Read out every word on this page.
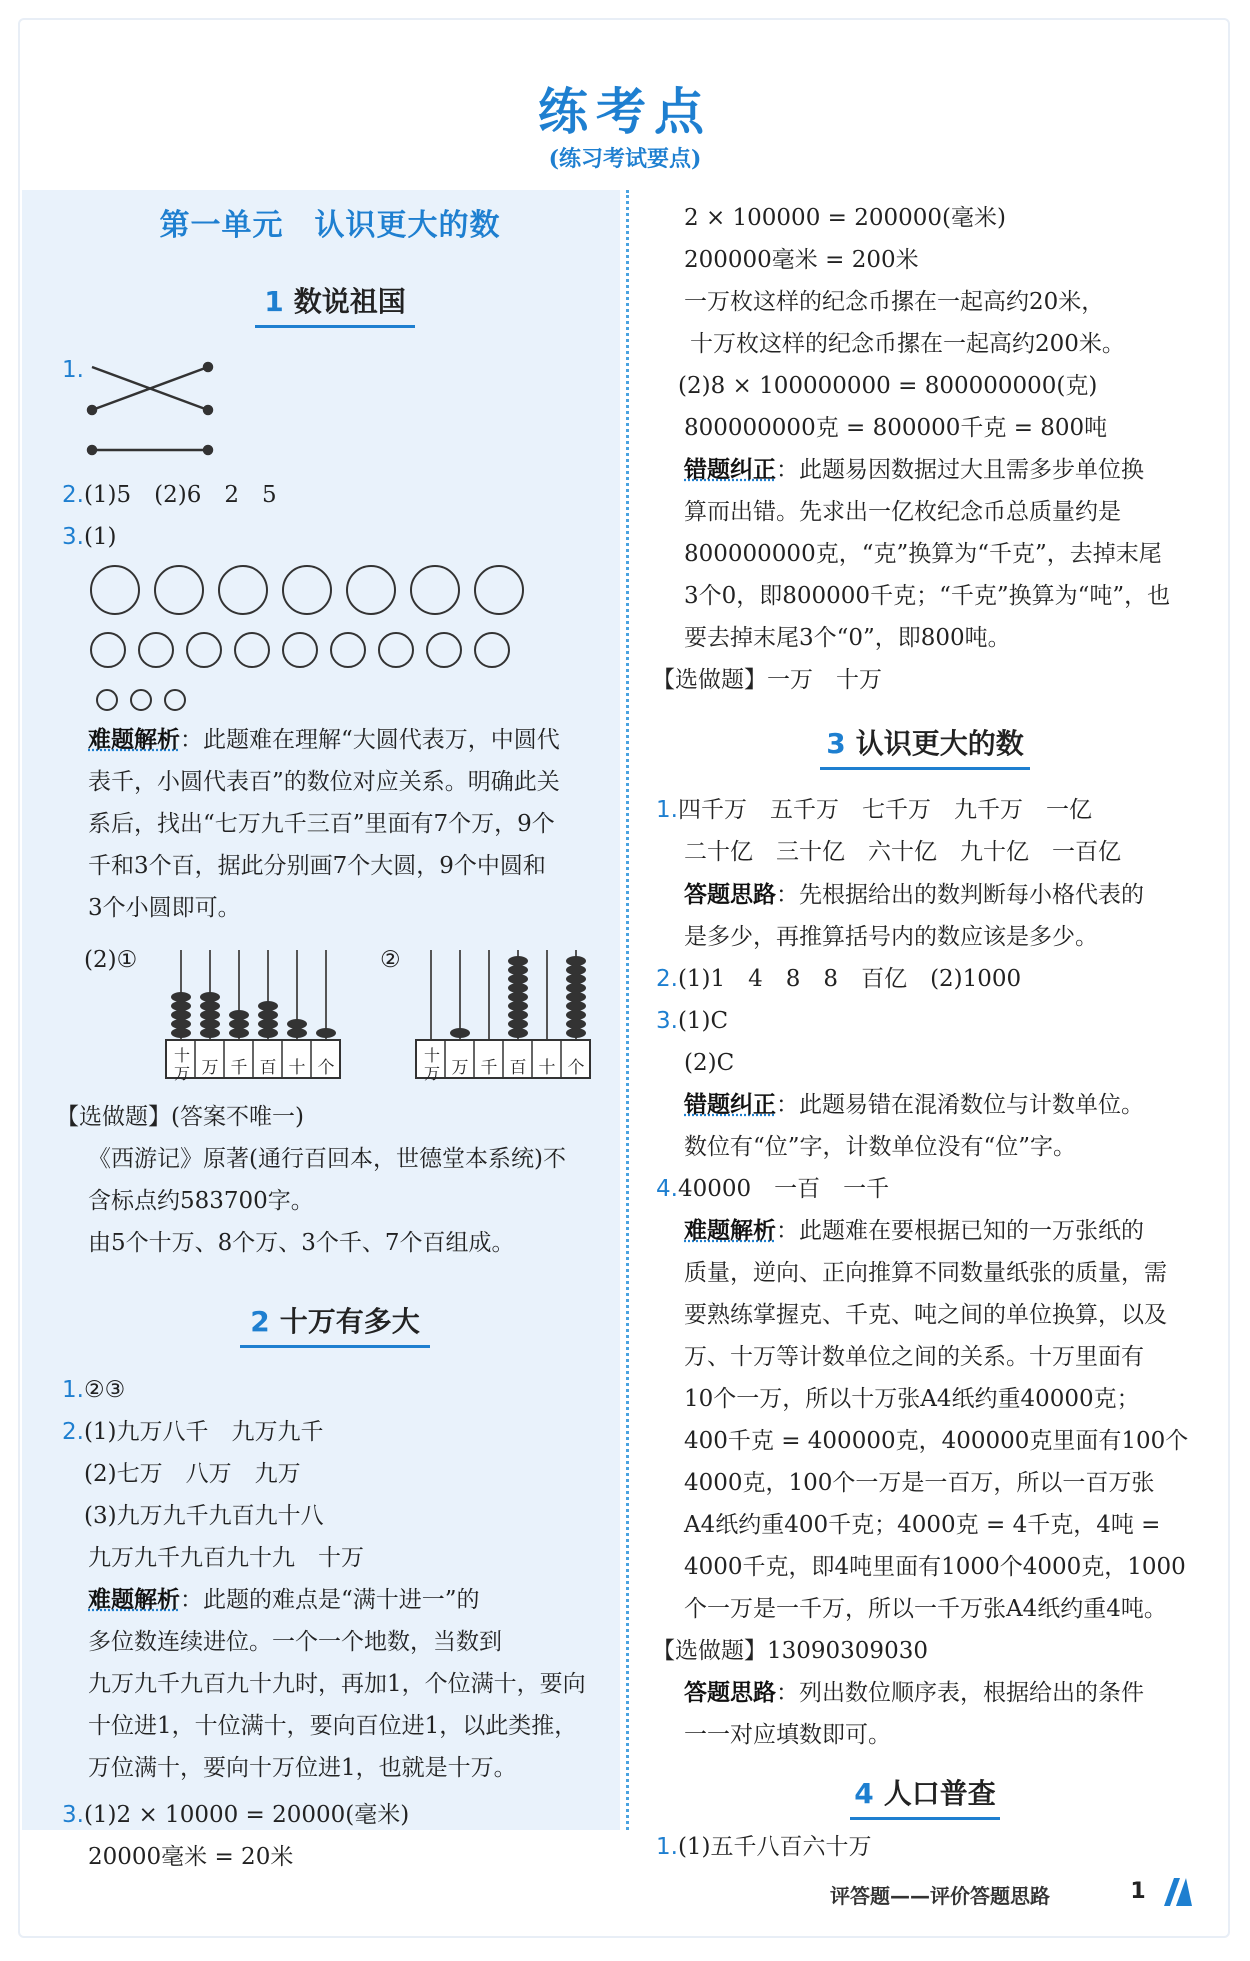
练考点
(练习考试要点)
第一单元　认识更大的数
1 数说祖国
1.
2.(1)5　(2)6　2　5
3.(1)
难题解析：此题难在理解“大圆代表万，中圆代
表千，小圆代表百”的数位对应关系。明确此关
系后，找出“七万九千三百”里面有7个万，9个
千和3个百，据此分别画7个大圆，9个中圆和
3个小圆即可。
(2)①	②
十万 万 千 百 十 个
十万 万 千 百 十 个
【选做题】(答案不唯一)
《西游记》原著(通行百回本，世德堂本系统)不
含标点约583700字。
由5个十万、8个万、3个千、7个百组成。
2 十万有多大
1.②③
2.(1)九万八千　九万九千
(2)七万　八万　九万
(3)九万九千九百九十八
九万九千九百九十九　十万
难题解析：此题的难点是“满十进一”的
多位数连续进位。一个一个地数，当数到
九万九千九百九十九时，再加1，个位满十，要向
十位进1，十位满十，要向百位进1，以此类推，
万位满十，要向十万位进1，也就是十万。
3.(1)2 × 10000 = 20000(毫米)
20000毫米 = 20米
2 × 100000 = 200000(毫米)
200000毫米 = 200米
一万枚这样的纪念币摞在一起高约20米，
十万枚这样的纪念币摞在一起高约200米。
(2)8 × 100000000 = 800000000(克)
800000000克 = 800000千克 = 800吨
错题纠正：此题易因数据过大且需多步单位换
算而出错。先求出一亿枚纪念币总质量约是
800000000克，“克”换算为“千克”，去掉末尾
3个0，即800000千克；“千克”换算为“吨”，也
要去掉末尾3个“0”，即800吨。
【选做题】一万　十万
3 认识更大的数
1.四千万　五千万　七千万　九千万　一亿
二十亿　三十亿　六十亿　九十亿　一百亿
答题思路：先根据给出的数判断每小格代表的
是多少，再推算括号内的数应该是多少。
2.(1)1　4　8　8　百亿　(2)1000
3.(1)C
(2)C
错题纠正：此题易错在混淆数位与计数单位。
数位有“位”字，计数单位没有“位”字。
4.40000　一百　一千
难题解析：此题难在要根据已知的一万张纸的
质量，逆向、正向推算不同数量纸张的质量，需
要熟练掌握克、千克、吨之间的单位换算，以及
万、十万等计数单位之间的关系。十万里面有
10个一万，所以十万张A4纸约重40000克；
400千克 = 400000克，400000克里面有100个
4000克，100个一万是一百万，所以一百万张
A4纸约重400千克；4000克 = 4千克，4吨 =
4000千克，即4吨里面有1000个4000克，1000
个一万是一千万，所以一千万张A4纸约重4吨。
【选做题】13090309030
答题思路：列出数位顺序表，根据给出的条件
一一对应填数即可。
4 人口普查
1.(1)五千八百六十万
评答题——评价答题思路	1
